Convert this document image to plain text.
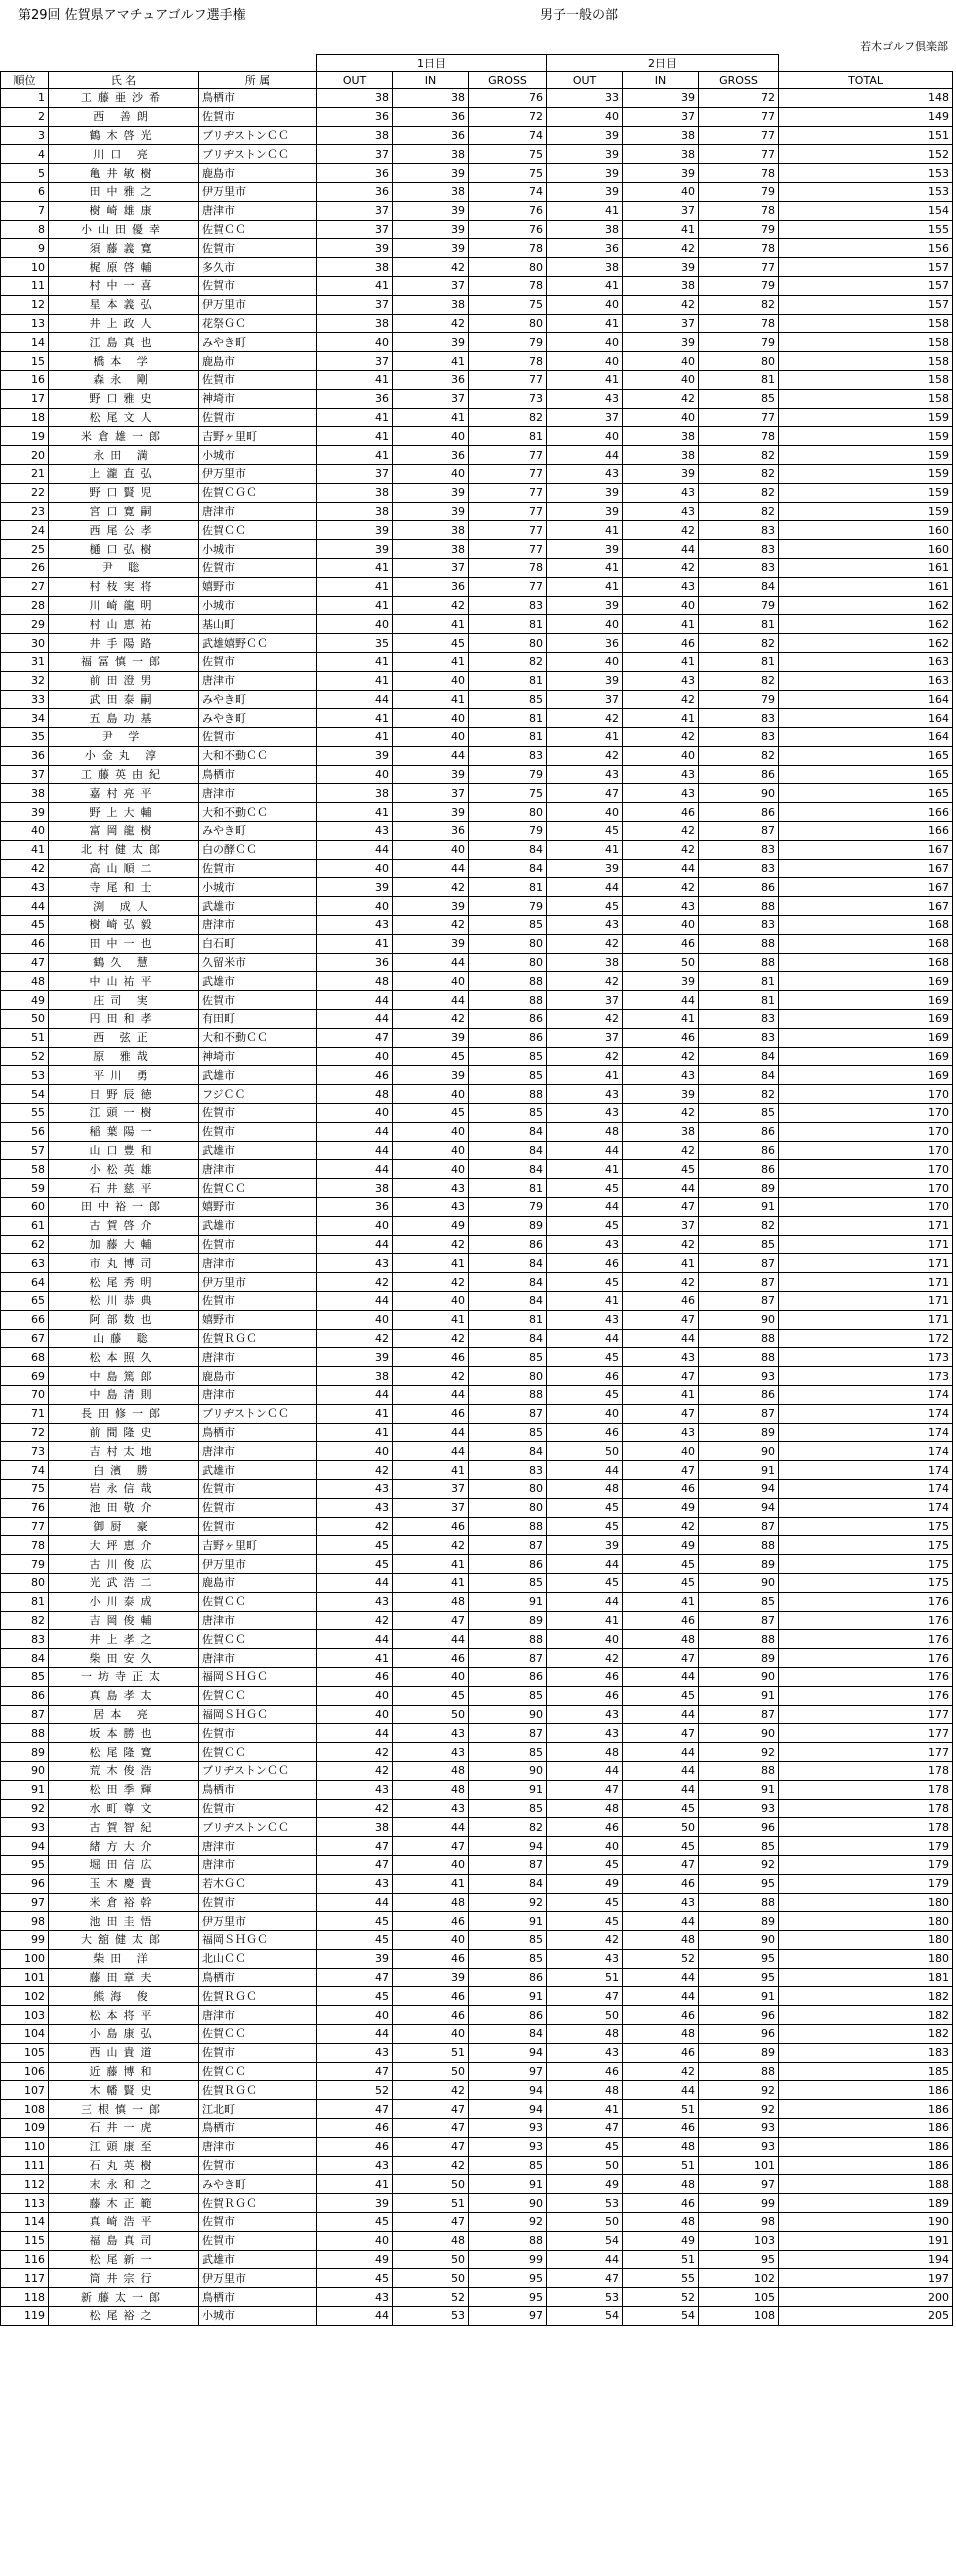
第29回 佐賀県アマチュアゴルフ選手権	男子一般の部
若木ゴルフ倶楽部
			1日目			2日目			
順位	氏 名	所 属	OUT	IN	GROSS	OUT	IN	GROSS	TOTAL
1	工藤亜沙希	鳥栖市	38	38	76	33	39	72	148
2	西 善朗	佐賀市	36	36	72	40	37	77	149
3	鶴木啓光	ブリヂストンＣＣ	38	36	74	39	38	77	151
4	川口 亮	ブリヂストンＣＣ	37	38	75	39	38	77	152
5	亀井敏樹	鹿島市	36	39	75	39	39	78	153
6	田中雅之	伊万里市	36	38	74	39	40	79	153
7	樹崎雄康	唐津市	37	39	76	41	37	78	154
8	小山田優幸	佐賀ＣＣ	37	39	76	38	41	79	155
9	須藤義寛	佐賀市	39	39	78	36	42	78	156
10	梶原啓輔	多久市	38	42	80	38	39	77	157
11	村中一喜	佐賀市	41	37	78	41	38	79	157
12	星本義弘	伊万里市	37	38	75	40	42	82	157
13	井上政人	花祭ＧＣ	38	42	80	41	37	78	158
14	江島真也	みやき町	40	39	79	40	39	79	158
15	橋本 学	鹿島市	37	41	78	40	40	80	158
16	森永 剛	佐賀市	41	36	77	41	40	81	158
17	野口雅史	神埼市	36	37	73	43	42	85	158
18	松尾文人	佐賀市	41	41	82	37	40	77	159
19	米倉雄一郎	吉野ヶ里町	41	40	81	40	38	78	159
20	永田 満	小城市	41	36	77	44	38	82	159
21	上瀧直弘	伊万里市	37	40	77	43	39	82	159
22	野口賢児	佐賀ＣＧＣ	38	39	77	39	43	82	159
23	宮口寛嗣	唐津市	38	39	77	39	43	82	159
24	西尾公孝	佐賀ＣＣ	39	38	77	41	42	83	160
25	樋口弘樹	小城市	39	38	77	39	44	83	160
26	尹 聡	佐賀市	41	37	78	41	42	83	161
27	村枝実将	嬉野市	41	36	77	41	43	84	161
28	川崎龍明	小城市	41	42	83	39	40	79	162
29	村山恵祐	基山町	40	41	81	40	41	81	162
30	井手陽路	武雄嬉野ＣＣ	35	45	80	36	46	82	162
31	福冨慎一郎	佐賀市	41	41	82	40	41	81	163
32	前田澄男	唐津市	41	40	81	39	43	82	163
33	武田泰嗣	みやき町	44	41	85	37	42	79	164
34	五島功基	みやき町	41	40	81	42	41	83	164
35	尹 学	佐賀市	41	40	81	41	42	83	164
36	小金丸 淳	大和不動ＣＣ	39	44	83	42	40	82	165
37	工藤英由紀	鳥栖市	40	39	79	43	43	86	165
38	嘉村亮平	唐津市	38	37	75	47	43	90	165
39	野上大輔	大和不動ＣＣ	41	39	80	40	46	86	166
40	富岡龍樹	みやき町	43	36	79	45	42	87	166
41	北村健太郎	白の酵ＣＣ	44	40	84	41	42	83	167
42	高山順二	佐賀市	40	44	84	39	44	83	167
43	寺尾和士	小城市	39	42	81	44	42	86	167
44	渕 成人	武雄市	40	39	79	45	43	88	167
45	樹崎弘毅	唐津市	43	42	85	43	40	83	168
46	田中一也	白石町	41	39	80	42	46	88	168
47	鶴久 慧	久留米市	36	44	80	38	50	88	168
48	中山祐平	武雄市	48	40	88	42	39	81	169
49	庄司 実	佐賀市	44	44	88	37	44	81	169
50	円田和孝	有田町	44	42	86	42	41	83	169
51	西 弦正	大和不動ＣＣ	47	39	86	37	46	83	169
52	原 雅哉	神埼市	40	45	85	42	42	84	169
53	平川 勇	武雄市	46	39	85	41	43	84	169
54	日野辰徳	フジＣＣ	48	40	88	43	39	82	170
55	江頭一樹	佐賀市	40	45	85	43	42	85	170
56	稲葉陽一	佐賀市	44	40	84	48	38	86	170
57	山口豊和	武雄市	44	40	84	44	42	86	170
58	小松英雄	唐津市	44	40	84	41	45	86	170
59	石井慈平	佐賀ＣＣ	38	43	81	45	44	89	170
60	田中裕一郎	嬉野市	36	43	79	44	47	91	170
61	古賀啓介	武雄市	40	49	89	45	37	82	171
62	加藤大輔	佐賀市	44	42	86	43	42	85	171
63	市丸博司	唐津市	43	41	84	46	41	87	171
64	松尾秀明	伊万里市	42	42	84	45	42	87	171
65	松川恭典	佐賀市	44	40	84	41	46	87	171
66	阿部数也	嬉野市	40	41	81	43	47	90	171
67	山藤 聡	佐賀ＲＧＣ	42	42	84	44	44	88	172
68	松本照久	唐津市	39	46	85	45	43	88	173
69	中島篤郎	鹿島市	38	42	80	46	47	93	173
70	中島清則	唐津市	44	44	88	45	41	86	174
71	長田修一郎	ブリヂストンＣＣ	41	46	87	40	47	87	174
72	前間隆史	鳥栖市	41	44	85	46	43	89	174
73	吉村太地	唐津市	40	44	84	50	40	90	174
74	白濱 勝	武雄市	42	41	83	44	47	91	174
75	岩永信哉	佐賀市	43	37	80	48	46	94	174
76	池田敬介	佐賀市	43	37	80	45	49	94	174
77	御厨 豪	佐賀市	42	46	88	45	42	87	175
78	大坪恵介	吉野ヶ里町	45	42	87	39	49	88	175
79	古川俊広	伊万里市	45	41	86	44	45	89	175
80	光武浩二	鹿島市	44	41	85	45	45	90	175
81	小川泰成	佐賀ＣＣ	43	48	91	44	41	85	176
82	吉岡俊輔	唐津市	42	47	89	41	46	87	176
83	井上孝之	佐賀ＣＣ	44	44	88	40	48	88	176
84	柴田安久	唐津市	41	46	87	42	47	89	176
85	一坊寺正太	福岡ＳＨＧＣ	46	40	86	46	44	90	176
86	真島孝太	佐賀ＣＣ	40	45	85	46	45	91	176
87	居本 亮	福岡ＳＨＧＣ	40	50	90	43	44	87	177
88	坂本勝也	佐賀市	44	43	87	43	47	90	177
89	松尾隆寛	佐賀ＣＣ	42	43	85	48	44	92	177
90	荒木俊浩	ブリヂストンＣＣ	42	48	90	44	44	88	178
91	松田季輝	鳥栖市	43	48	91	47	44	91	178
92	水町尊文	佐賀市	42	43	85	48	45	93	178
93	古賀智紀	ブリヂストンＣＣ	38	44	82	46	50	96	178
94	緒方大介	唐津市	47	47	94	40	45	85	179
95	堀田信広	唐津市	47	40	87	45	47	92	179
96	玉木慶貴	若木ＧＣ	43	41	84	49	46	95	179
97	米倉裕幹	佐賀市	44	48	92	45	43	88	180
98	池田圭悟	伊万里市	45	46	91	45	44	89	180
99	大舘健太郎	福岡ＳＨＧＣ	45	40	85	42	48	90	180
100	柴田 洋	北山ＣＣ	39	46	85	43	52	95	180
101	藤田章夫	鳥栖市	47	39	86	51	44	95	181
102	熊海 俊	佐賀ＲＧＣ	45	46	91	47	44	91	182
103	松本将平	唐津市	40	46	86	50	46	96	182
104	小島康弘	佐賀ＣＣ	44	40	84	48	48	96	182
105	西山貴道	佐賀市	43	51	94	43	46	89	183
106	近藤博和	佐賀ＣＣ	47	50	97	46	42	88	185
107	木幡賢史	佐賀ＲＧＣ	52	42	94	48	44	92	186
108	三根慎一郎	江北町	47	47	94	41	51	92	186
109	石井一虎	鳥栖市	46	47	93	47	46	93	186
110	江頭康至	唐津市	46	47	93	45	48	93	186
111	石丸英樹	佐賀市	43	42	85	50	51	101	186
112	末永和之	みやき町	41	50	91	49	48	97	188
113	藤木正範	佐賀ＲＧＣ	39	51	90	53	46	99	189
114	真崎浩平	佐賀市	45	47	92	50	48	98	190
115	福島真司	佐賀市	40	48	88	54	49	103	191
116	松尾新一	武雄市	49	50	99	44	51	95	194
117	筒井宗行	伊万里市	45	50	95	47	55	102	197
118	新藤太一郎	鳥栖市	43	52	95	53	52	105	200
119	松尾裕之	小城市	44	53	97	54	54	108	205
